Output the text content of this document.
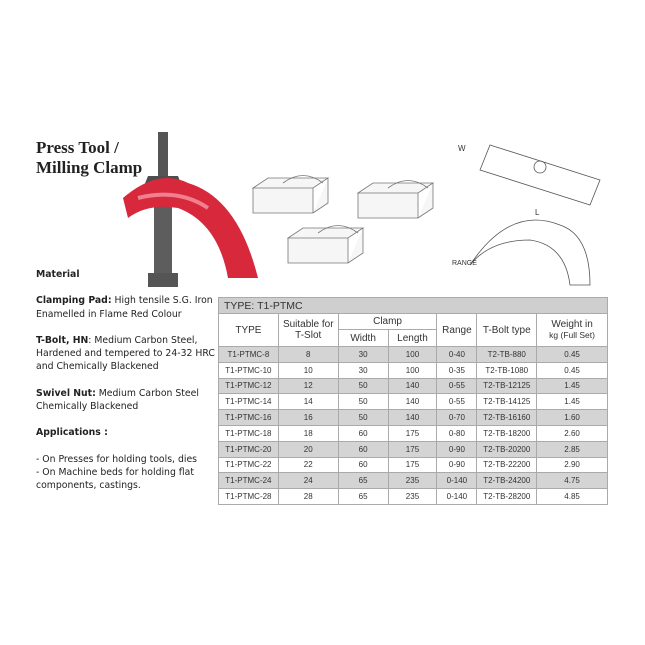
Press Tool /
Milling Clamp
W
L
RANGE

Material

Clamping Pad: High tensile S.G. Iron Enamelled in Flame Red Colour

T-Bolt, HN: Medium Carbon Steel, Hardened and tempered to 24-32 HRC and Chemically Blackened

Swivel Nut: Medium Carbon Steel Chemically Blackened

Applications :

- On Presses for holding tools, dies
- On Machine beds for holding flat components, castings.
TYPE: T1-PTMC						
TYPE	Suitable for T-Slot	Clamp		Range	T-Bolt type	Weight in
kg (Full Set)
		Width	Length			
T1-PTMC-8	8	30	100	0-40	T2-TB-880	0.45
T1-PTMC-10	10	30	100	0-35	T2-TB-1080	0.45
T1-PTMC-12	12	50	140	0-55	T2-TB-12125	1.45
T1-PTMC-14	14	50	140	0-55	T2-TB-14125	1.45
T1-PTMC-16	16	50	140	0-70	T2-TB-16160	1.60
T1-PTMC-18	18	60	175	0-80	T2-TB-18200	2.60
T1-PTMC-20	20	60	175	0-90	T2-TB-20200	2.85
T1-PTMC-22	22	60	175	0-90	T2-TB-22200	2.90
T1-PTMC-24	24	65	235	0-140	T2-TB-24200	4.75
T1-PTMC-28	28	65	235	0-140	T2-TB-28200	4.85
